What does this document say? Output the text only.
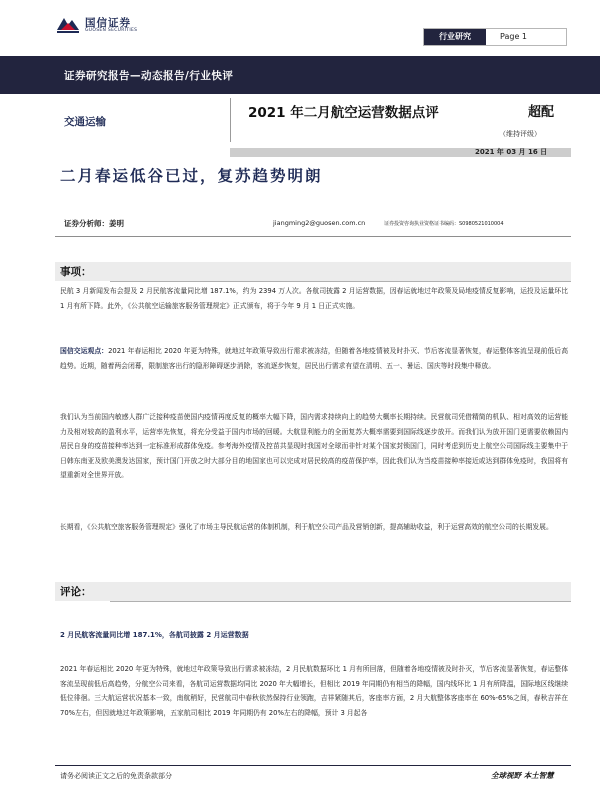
国信证券
GUOSEN SECURITIES
行业研究	Page 1
证券研究报告—动态报告/行业快评
交通运输
2021 年二月航空运营数据点评	超配
（维持评级）
2021 年 03 月 16 日
二月春运低谷已过，复苏趋势明朗
证券分析师：姜明	jiangming2@guosen.com.cn	证券投资咨询执业资格证书编码：S0980521010004
事项：
民航 3 月新闻发布会提及 2 月民航客流量同比增 187.1%，约为 2394 万人次。各航司披露 2 月运营数据，因春运就地过年政策及局地疫情反复影响，运投及运量环比 1 月有所下降。此外，《公共航空运输旅客服务管理规定》正式颁布，将于今年 9 月 1 日正式实施。
国信交运观点：2021 年春运相比 2020 年更为特殊，就地过年政策导致出行需求被冻结，但随着各地疫情被及时扑灭、节后客流显著恢复，春运整体客流呈现前低后高趋势。近期，随着两会闭幕，限制旅客出行的隐形障碍逐步消除，客流逐步恢复，居民出行需求有望在清明、五一、暑运、国庆等时段集中释放。
我们认为当前国内敏感人群广泛接种疫苗使国内疫情再度反复的概率大幅下降，国内需求持续向上的趋势大概率长期持续。民营航司凭借精简的机队、相对高效的运营能力及相对较高的盈利水平，运营率先恢复，将充分受益于国内市场的回暖。大航显利能力的全面复苏大概率需要到国际线逐步放开。而我们认为放开国门更需要依赖国内居民自身的疫苗接种率达到一定标准形成群体免疫。参考海外疫情及控苗共显现时我国对全球而非针对某个国家封锁国门，同时考虑到历史上航空公司国际线主要集中于日韩东南亚及欧美澳发达国家，预计国门开放之时大部分目的地国家也可以完成对居民较高的疫苗保护率，因此我们认为当疫苗接种率接近或达到群体免疫时，我国将有望重新对全世界开放。
长期看，《公共航空旅客服务管理规定》强化了市场主导民航运营的体制机制，利于航空公司产品及营销创新，提高辅助收益，利于运营高效的航空公司的长期发展。
评论：
2 月民航客流量同比增 187.1%，各航司披露 2 月运营数据
2021 年春运相比 2020 年更为特殊，就地过年政策导致出行需求被冻结，2 月民航数据环比 1 月有所回落，但随着各地疫情被及时扑灭，节后客流显著恢复，春运整体客流呈现前低后高趋势，分航空公司来看，各航司运营数据均同比 2020 年大幅增长，但相比 2019 年同期仍有相当的降幅，国内线环比 1 月有所降温，国际地区线继续低位徘徊。三大航运营状况基本一致，南航稍好，民营航司中春秋依然保持行业领跑，吉祥紧随其后，客座率方面，2 月大航整体客座率在 60%-65%之间，春秋吉祥在 70%左右，但因就地过年政策影响，五家航司相比 2019 年同期仍有 20%左右的降幅，预计 3 月起各
请务必阅读正文之后的免责条款部分	全球视野 本土智慧
